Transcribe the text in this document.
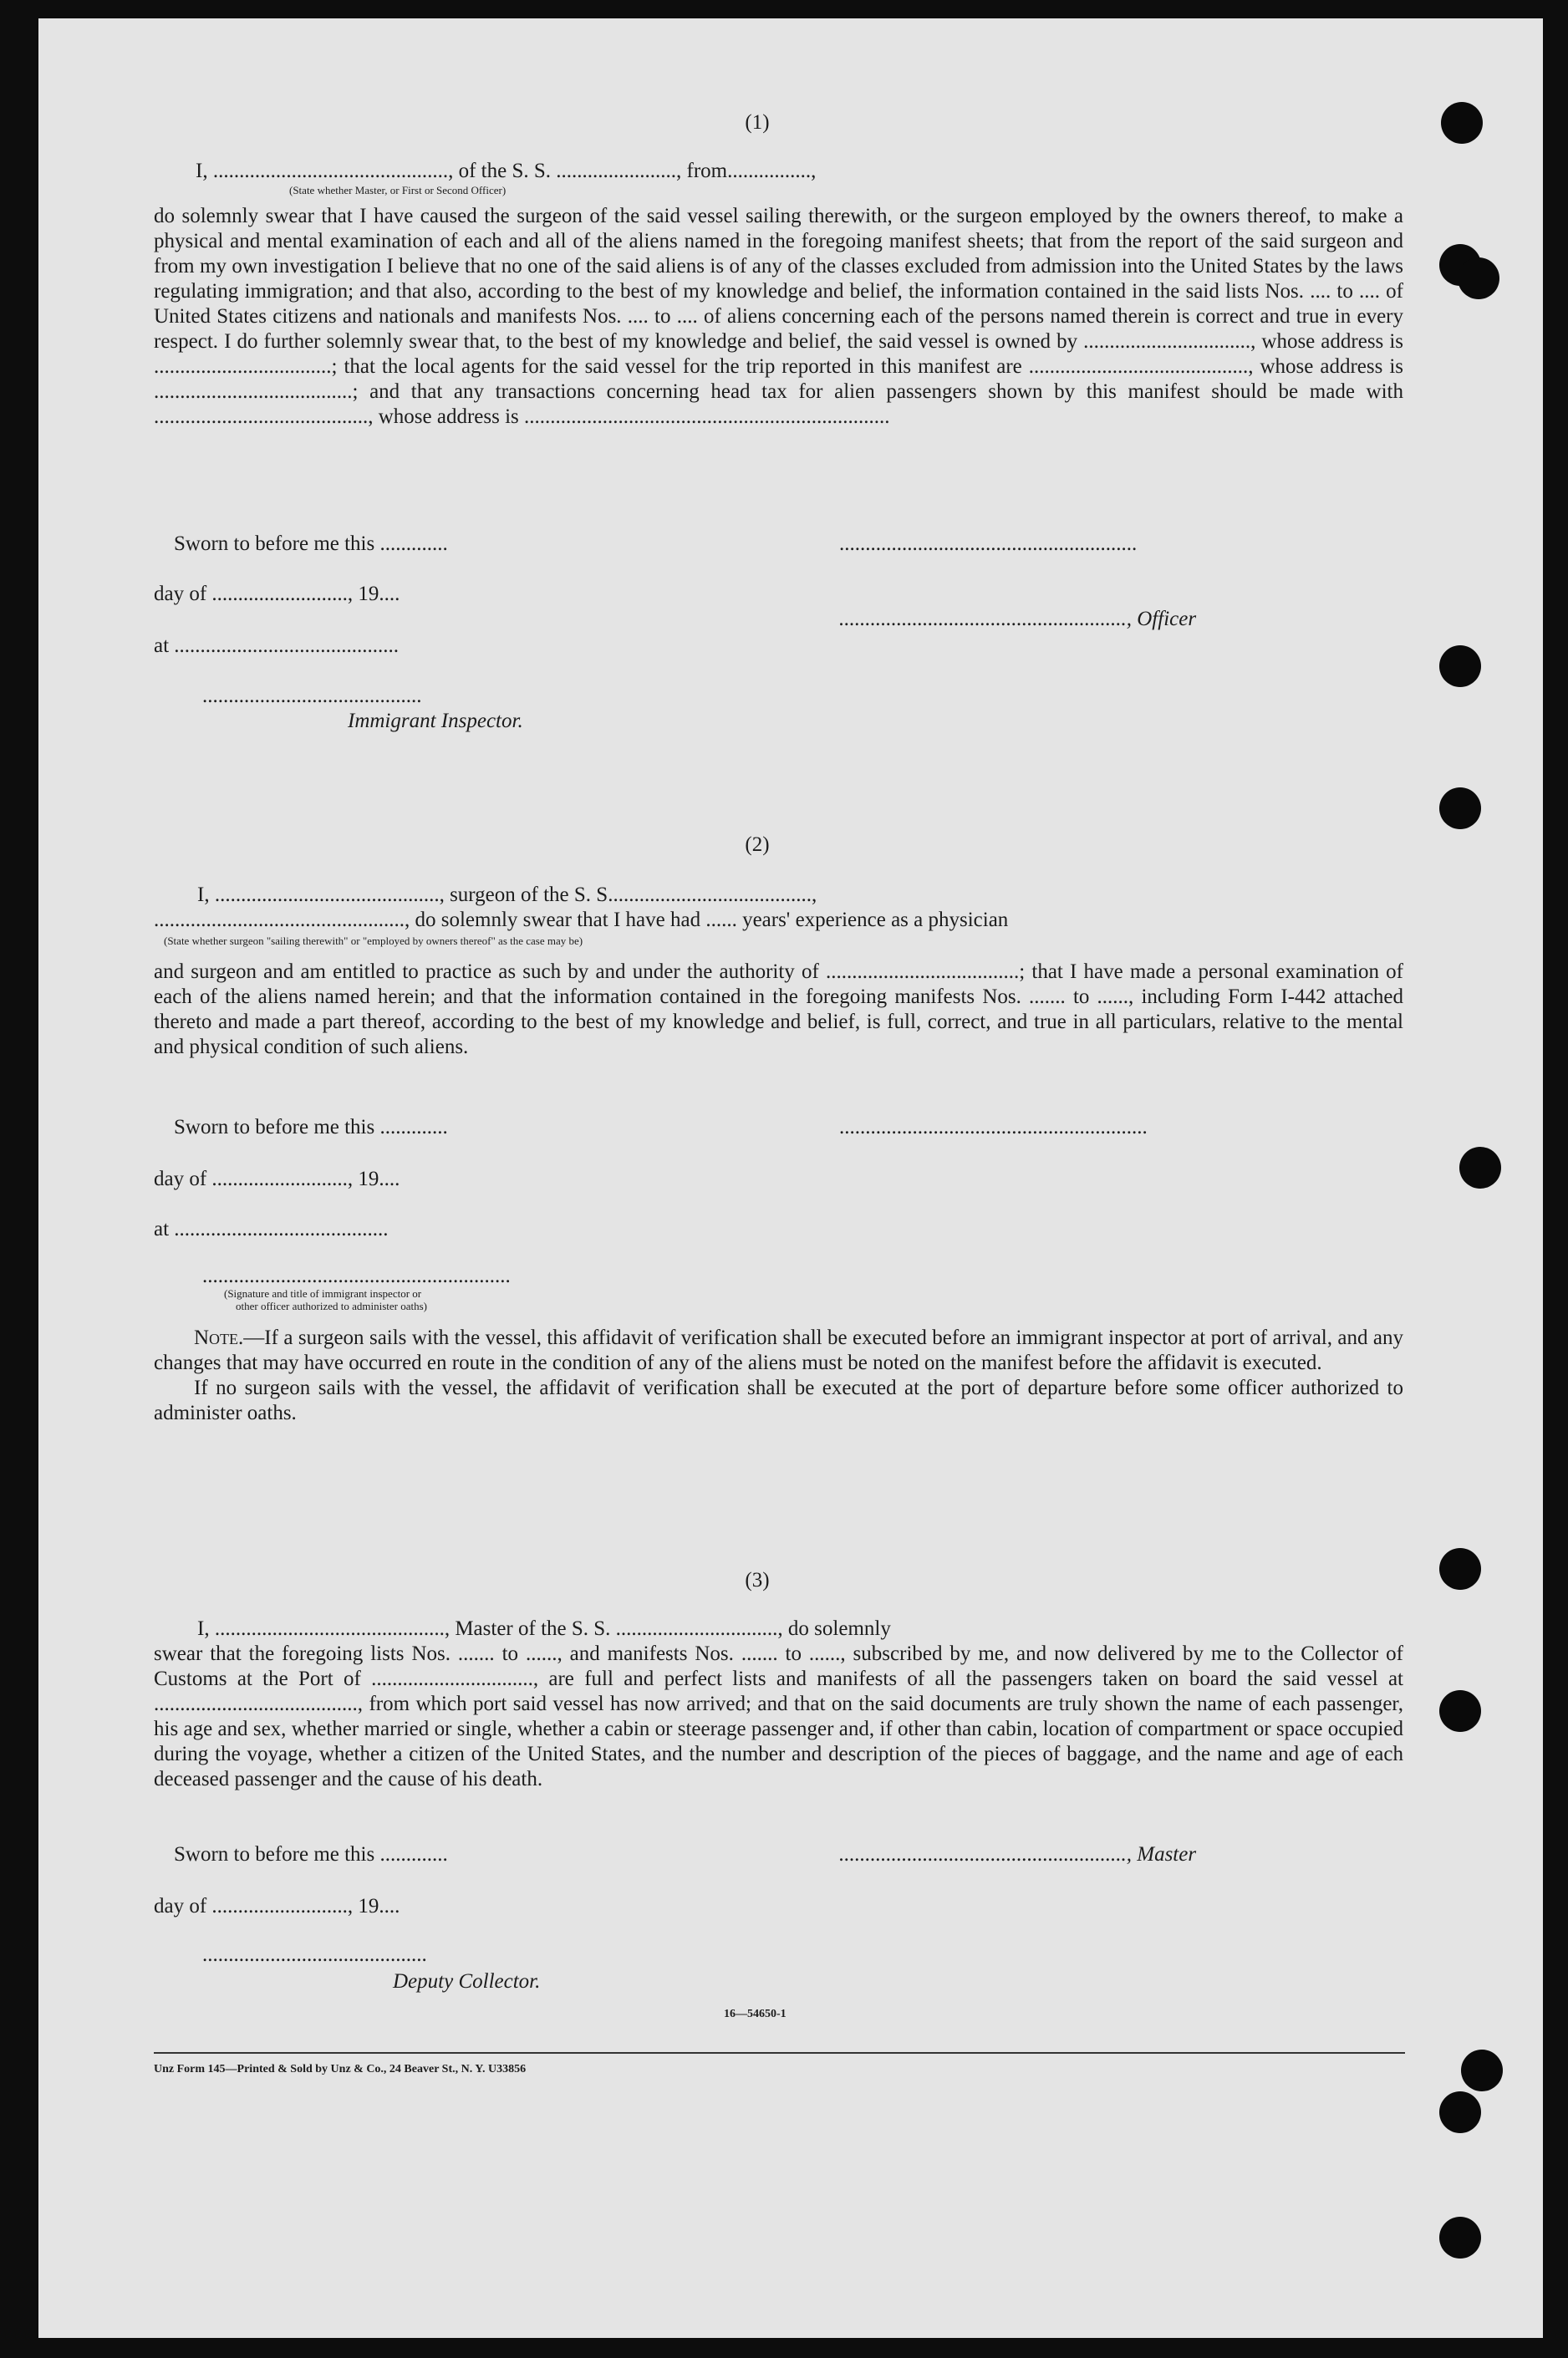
(1)
I, ............................................., of the S. S. ......................., from................,
(State whether Master, or First or Second Officer)

do solemnly swear that I have caused the surgeon of the said vessel sailing therewith, or the surgeon employed by the owners thereof, to make a physical and mental examination of each and all of the aliens named in the foregoing manifest sheets; that from the report of the said surgeon and from my own investigation I believe that no one of the said aliens is of any of the classes excluded from admission into the United States by the laws regulating immigration; and that also, according to the best of my knowledge and belief, the information contained in the said lists Nos. .... to .... of United States citizens and nationals and manifests Nos. .... to .... of aliens concerning each of the persons named therein is correct and true in every respect. I do further solemnly swear that, to the best of my knowledge and belief, the said vessel is owned by ................................, whose address is ..................................; that the local agents for the said vessel for the trip reported in this manifest are .........................................., whose address is ......................................; and that any transactions concerning head tax for alien passengers shown by this manifest should be made with ........................................., whose address is ......................................................................

Sworn to before me this .............	.........................................................
day of .........................., 19....
......................................................., Officer
at ...........................................
..........................................
Immigrant Inspector.
(2)
I, ..........................................., surgeon of the S. S.......................................,
................................................, do solemnly swear that I have had ...... years' experience as a physician
(State whether surgeon "sailing therewith" or "employed by owners thereof" as the case may be)

and surgeon and am entitled to practice as such by and under the authority of .....................................; that I have made a personal examination of each of the aliens named herein; and that the information contained in the foregoing manifests Nos. ....... to ......, including Form I-442 attached thereto and made a part thereof, according to the best of my knowledge and belief, is full, correct, and true in all particulars, relative to the mental and physical condition of such aliens.

Sworn to before me this .............	...........................................................
day of .........................., 19....
at .........................................
...........................................................
(Signature and title of immigrant inspector or
other officer authorized to administer oaths)

Note.—If a surgeon sails with the vessel, this affidavit of verification shall be executed before an immigrant inspector at port of arrival, and any changes that may have occurred en route in the condition of any of the aliens must be noted on the manifest before the affidavit is executed.

If no surgeon sails with the vessel, the affidavit of verification shall be executed at the port of departure before some officer authorized to administer oaths.

(3)
I, ............................................, Master of the S. S. ..............................., do solemnly

swear that the foregoing lists Nos. ....... to ......, and manifests Nos. ....... to ......, subscribed by me, and now delivered by me to the Collector of Customs at the Port of ..............................., are full and perfect lists and manifests of all the passengers taken on board the said vessel at ......................................., from which port said vessel has now arrived; and that on the said documents are truly shown the name of each passenger, his age and sex, whether married or single, whether a cabin or steerage passenger and, if other than cabin, location of compartment or space occupied during the voyage, whether a citizen of the United States, and the number and description of the pieces of baggage, and the name and age of each deceased passenger and the cause of his death.

Sworn to before me this .............	......................................................., Master
day of .........................., 19....
...........................................
Deputy Collector.
16—54650-1
Unz Form 145—Printed & Sold by Unz & Co., 24 Beaver St., N. Y. U33856
